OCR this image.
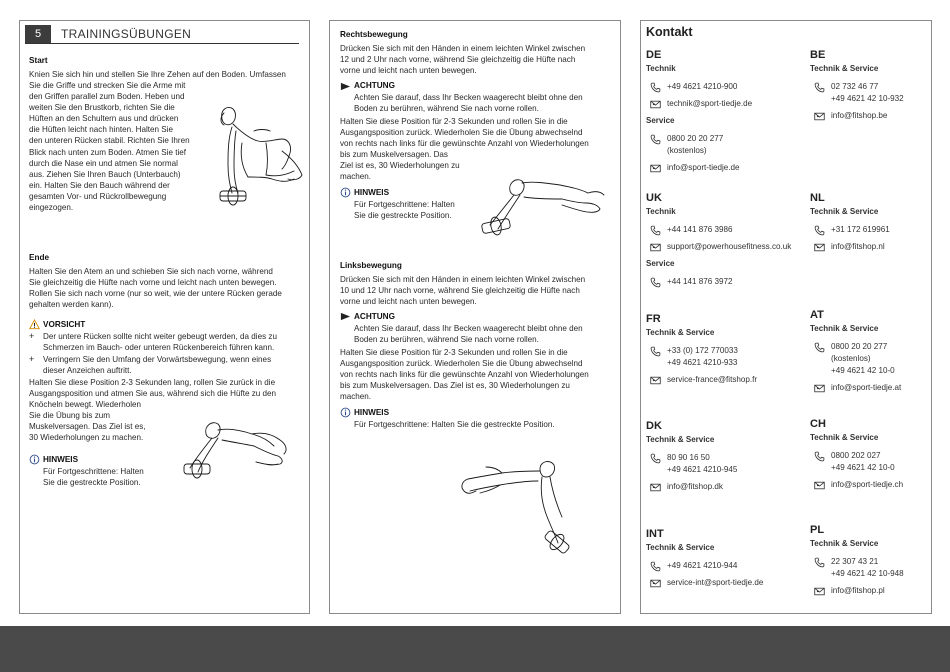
5	TRAININGSÜBUNGEN
Start
Knien Sie sich hin und stellen Sie Ihre Zehen auf den Boden. Umfassen
Sie die Griffe und strecken Sie die Arme mit
den Griffen parallel zum Boden. Heben und
weiten Sie den Brustkorb, richten Sie die
Hüften an den Schultern aus und drücken
die Hüften leicht nach hinten. Halten Sie
den unteren Rücken stabil. Richten Sie Ihren
Blick nach unten zum Boden. Atmen Sie tief
durch die Nase ein und atmen Sie normal
aus. Ziehen Sie Ihren Bauch (Unterbauch)
ein. Halten Sie den Bauch während der
gesamten Vor- und Rückrollbewegung
eingezogen.
Ende
Halten Sie den Atem an und schieben Sie sich nach vorne, während
Sie gleichzeitig die Hüfte nach vorne und leicht nach unten bewegen.
Rollen Sie sich nach vorne (nur so weit, wie der untere Rücken gerade
gehalten werden kann).
VORSICHT
+ Der untere Rücken sollte nicht weiter gebeugt werden, da dies zu
Schmerzen im Bauch- oder unteren Rückenbereich führen kann.
+ Verringern Sie den Umfang der Vorwärtsbewegung, wenn eines
dieser Anzeichen auftritt.
Halten Sie diese Position 2-3 Sekunden lang, rollen Sie zurück in die
Ausgangsposition und atmen Sie aus, während sich die Hüfte zu den
Knöcheln bewegt. Wiederholen
Sie die Übung bis zum
Muskelversagen. Das Ziel ist es,
30 Wiederholungen zu machen.
HINWEIS
Für Fortgeschrittene: Halten
Sie die gestreckte Position.
Rechtsbewegung
Drücken Sie sich mit den Händen in einem leichten Winkel zwischen
12 und 2 Uhr nach vorne, während Sie gleichzeitig die Hüfte nach
vorne und leicht nach unten bewegen.
ACHTUNG
Achten Sie darauf, dass Ihr Becken waagerecht bleibt ohne den
Boden zu berühren, während Sie nach vorne rollen.
Halten Sie diese Position für 2-3 Sekunden und rollen Sie in die
Ausgangsposition zurück. Wiederholen Sie die Übung abwechselnd
von rechts nach links für die gewünschte Anzahl von Wiederholungen
bis zum Muskelversagen. Das
Ziel ist es, 30 Wiederholungen zu
machen.
HINWEIS
Für Fortgeschrittene: Halten
Sie die gestreckte Position.
Linksbewegung
Drücken Sie sich mit den Händen in einem leichten Winkel zwischen
10 und 12 Uhr nach vorne, während Sie gleichzeitig die Hüfte nach
vorne und leicht nach unten bewegen.
ACHTUNG
Achten Sie darauf, dass Ihr Becken waagerecht bleibt ohne den
Boden zu berühren, während Sie nach vorne rollen.
Halten Sie diese Position für 2-3 Sekunden und rollen Sie in die
Ausgangsposition zurück. Wiederholen Sie die Übung abwechselnd
von rechts nach links für die gewünschte Anzahl von Wiederholungen
bis zum Muskelversagen. Das Ziel ist es, 30 Wiederholungen zu
machen.
HINWEIS
Für Fortgeschrittene: Halten Sie die gestreckte Position.
Kontakt
DE
Technik
+49 4621 4210-900
technik@sport-tiedje.de
Service
0800 20 20 277
(kostenlos)
info@sport-tiedje.de
BE
Technik & Service
02 732 46 77
+49 4621 42 10-932
info@fitshop.be
UK
Technik
+44 141 876 3986
support@powerhousefitness.co.uk
Service
+44 141 876 3972
NL
Technik & Service
+31 172 619961
info@fitshop.nl
FR
Technik & Service
+33 (0) 172 770033
+49 4621 4210-933
service-france@fitshop.fr
AT
Technik & Service
0800 20 20 277
(kostenlos)
+49 4621 42 10-0
info@sport-tiedje.at
DK
Technik & Service
80 90 16 50
+49 4621 4210-945
info@fitshop.dk
CH
Technik & Service
0800 202 027
+49 4621 42 10-0
info@sport-tiedje.ch
INT
Technik & Service
+49 4621 4210-944
service-int@sport-tiedje.de
PL
Technik & Service
22 307 43 21
+49 4621 42 10-948
info@fitshop.pl
